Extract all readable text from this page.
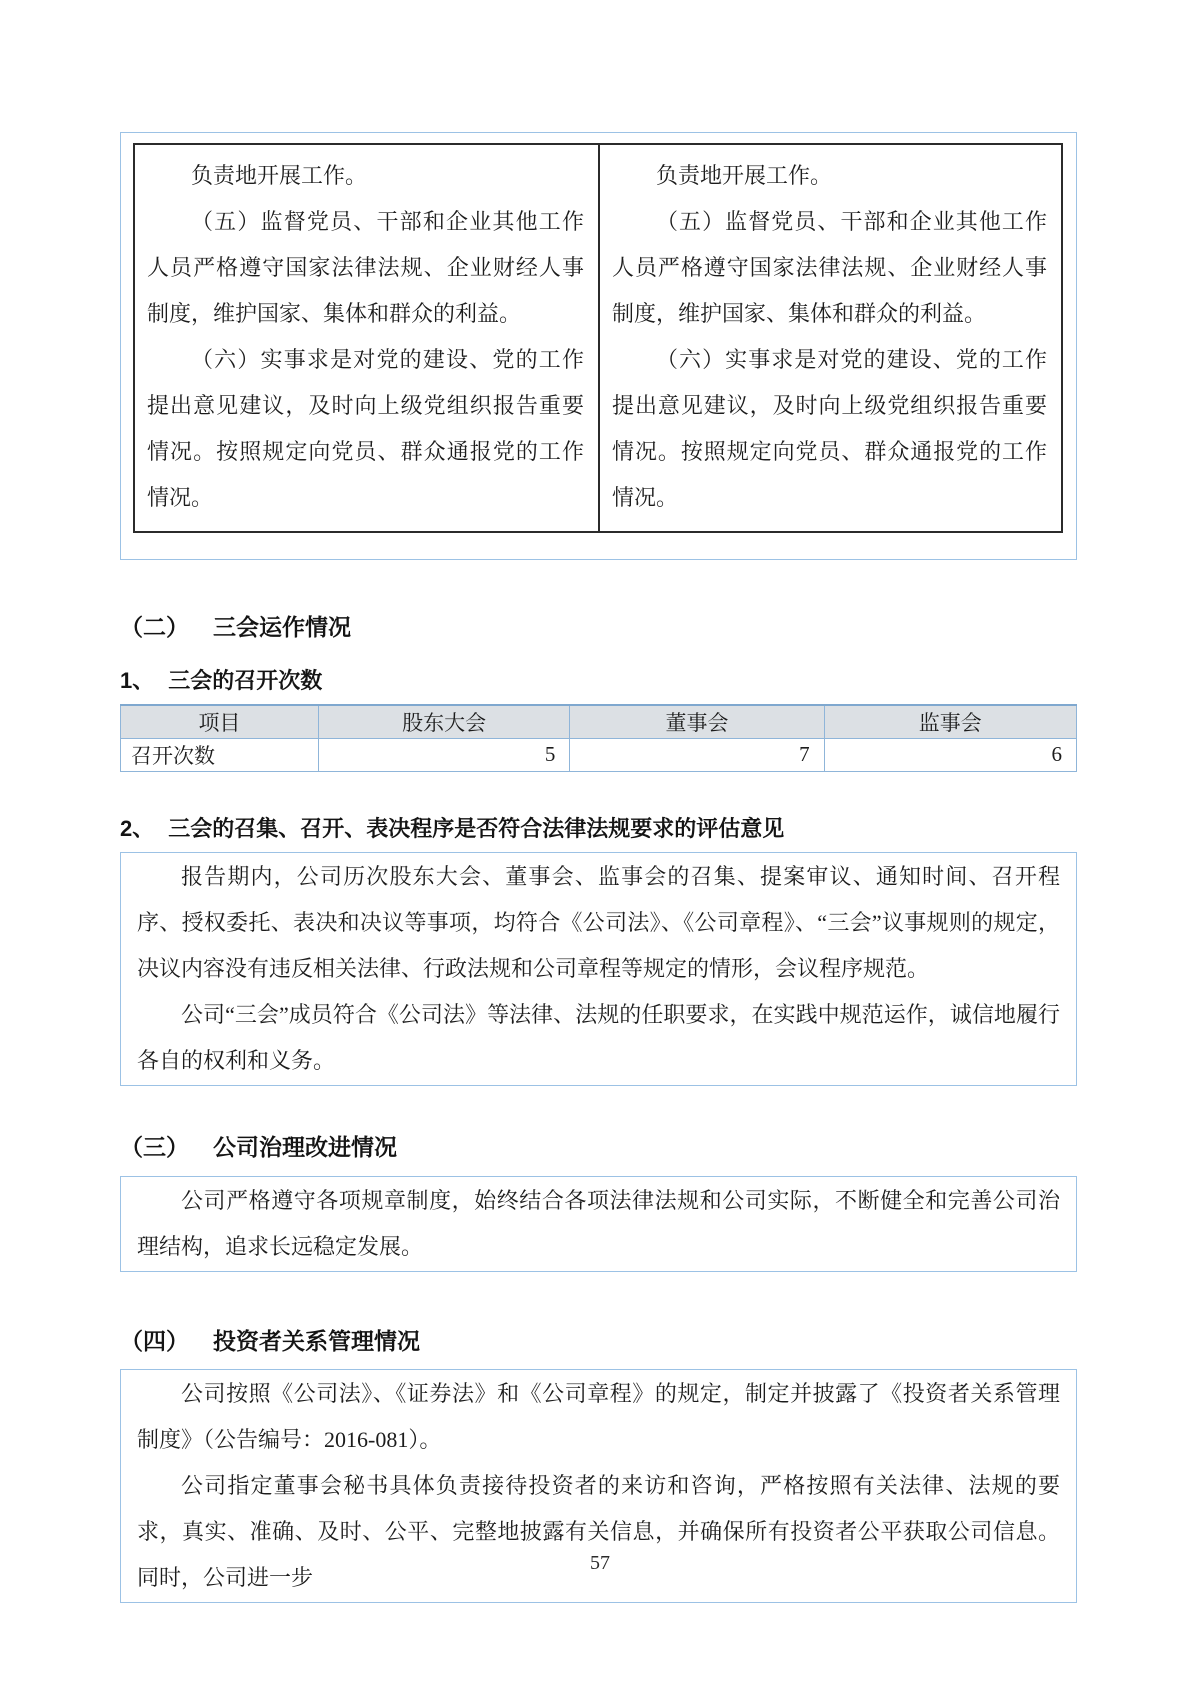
负责地开展工作。

（五）监督党员、干部和企业其他工作人员严格遵守国家法律法规、企业财经人事制度，维护国家、集体和群众的利益。

（六）实事求是对党的建设、党的工作提出意见建议，及时向上级党组织报告重要情况。按照规定向党员、群众通报党的工作情况。

负责地开展工作。

（五）监督党员、干部和企业其他工作人员严格遵守国家法律法规、企业财经人事制度，维护国家、集体和群众的利益。

（六）实事求是对党的建设、党的工作提出意见建议，及时向上级党组织报告重要情况。按照规定向党员、群众通报党的工作情况。

（二） 三会运作情况
1、 三会的召开次数
项目	股东大会	董事会	监事会
召开次数	5	7	6
2、 三会的召集、召开、表决程序是否符合法律法规要求的评估意见

报告期内，公司历次股东大会、董事会、监事会的召集、提案审议、通知时间、召开程序、授权委托、表决和决议等事项，均符合《公司法》、《公司章程》、“三会”议事规则的规定，决议内容没有违反相关法律、行政法规和公司章程等规定的情形，会议程序规范。

公司“三会”成员符合《公司法》等法律、法规的任职要求，在实践中规范运作，诚信地履行各自的权利和义务。

（三） 公司治理改进情况

公司严格遵守各项规章制度，始终结合各项法律法规和公司实际，不断健全和完善公司治理结构，追求长远稳定发展。

（四） 投资者关系管理情况

公司按照《公司法》、《证券法》和《公司章程》的规定，制定并披露了《投资者关系管理制度》（公告编号：2016-081）。

公司指定董事会秘书具体负责接待投资者的来访和咨询，严格按照有关法律、法规的要求，真实、准确、及时、公平、完整地披露有关信息，并确保所有投资者公平获取公司信息。同时，公司进一步

57
